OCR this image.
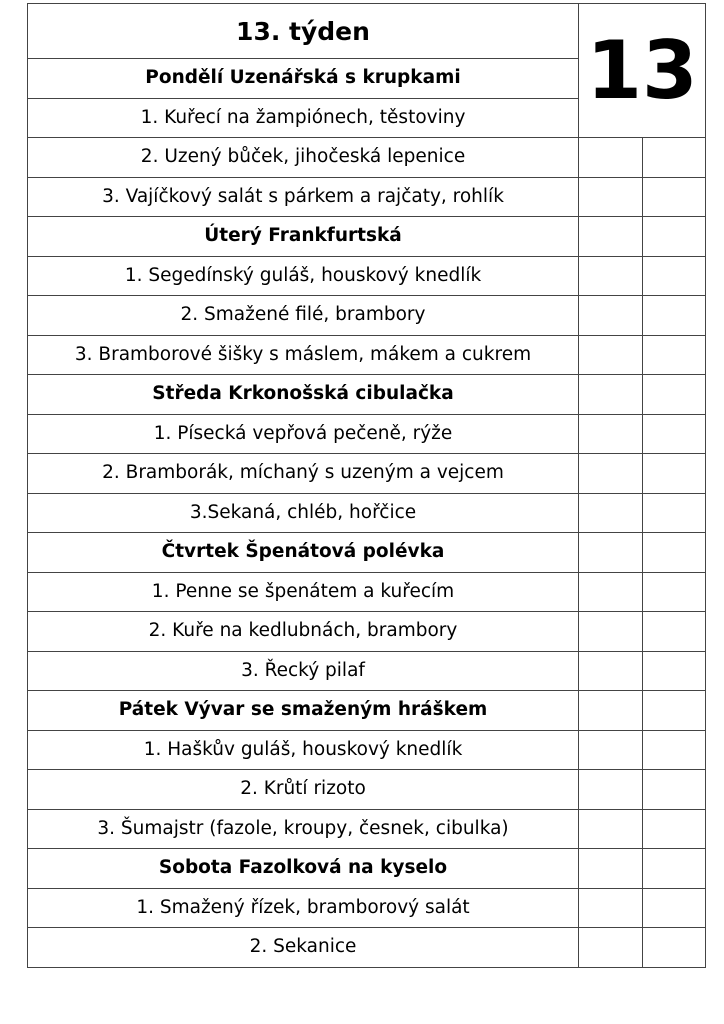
13. týden	13	
Pondělí Uzenářská s krupkami		
1. Kuřecí na žampiónech, těstoviny		
2. Uzený bůček, jihočeská lepenice		
3. Vajíčkový salát s párkem a rajčaty, rohlík		
Úterý Frankfurtská		
1. Segedínský guláš, houskový knedlík		
2. Smažené filé, brambory		
3. Bramborové šišky s máslem, mákem a cukrem		
Středa Krkonošská cibulačka		
1. Písecká vepřová pečeně, rýže		
2. Bramborák, míchaný s uzeným a vejcem		
3.Sekaná, chléb, hořčice		
Čtvrtek Špenátová polévka		
1. Penne se špenátem a kuřecím		
2. Kuře na kedlubnách, brambory		
3. Řecký pilaf		
Pátek Vývar se smaženým hráškem		
1. Haškův guláš, houskový knedlík		
2. Krůtí rizoto		
3. Šumajstr (fazole, kroupy, česnek, cibulka)		
Sobota Fazolková na kyselo		
1. Smažený řízek, bramborový salát		
2. Sekanice		
